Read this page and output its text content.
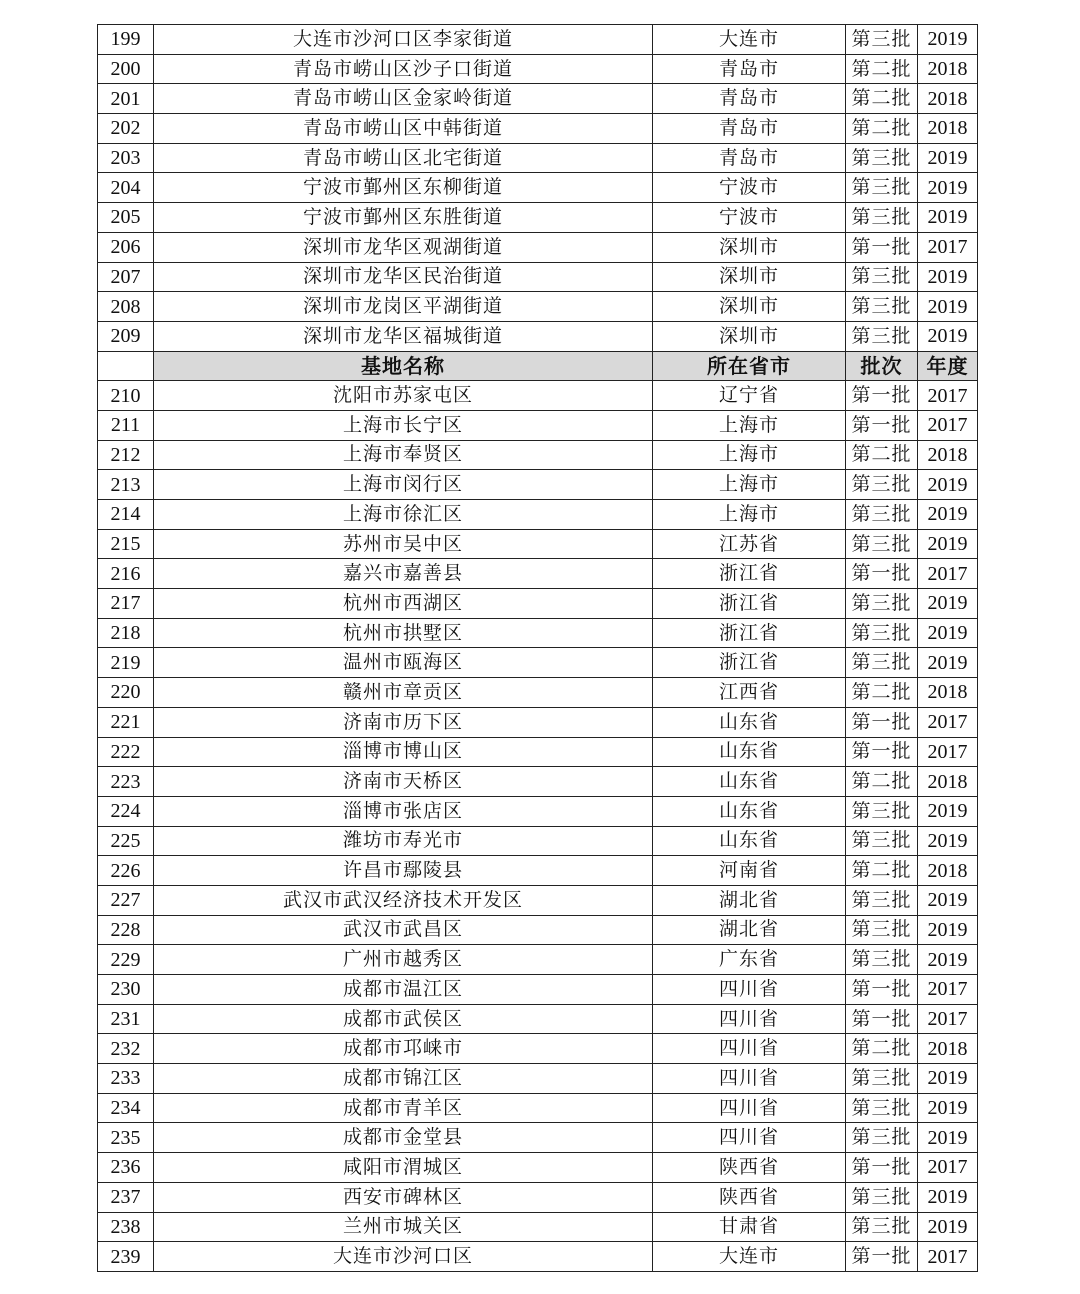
199	大连市沙河口区李家街道	大连市	第三批	2019
200	青岛市崂山区沙子口街道	青岛市	第二批	2018
201	青岛市崂山区金家岭街道	青岛市	第二批	2018
202	青岛市崂山区中韩街道	青岛市	第二批	2018
203	青岛市崂山区北宅街道	青岛市	第三批	2019
204	宁波市鄞州区东柳街道	宁波市	第三批	2019
205	宁波市鄞州区东胜街道	宁波市	第三批	2019
206	深圳市龙华区观湖街道	深圳市	第一批	2017
207	深圳市龙华区民治街道	深圳市	第三批	2019
208	深圳市龙岗区平湖街道	深圳市	第三批	2019
209	深圳市龙华区福城街道	深圳市	第三批	2019
	基地名称	所在省市	批次	年度
210	沈阳市苏家屯区	辽宁省	第一批	2017
211	上海市长宁区	上海市	第一批	2017
212	上海市奉贤区	上海市	第二批	2018
213	上海市闵行区	上海市	第三批	2019
214	上海市徐汇区	上海市	第三批	2019
215	苏州市吴中区	江苏省	第三批	2019
216	嘉兴市嘉善县	浙江省	第一批	2017
217	杭州市西湖区	浙江省	第三批	2019
218	杭州市拱墅区	浙江省	第三批	2019
219	温州市瓯海区	浙江省	第三批	2019
220	赣州市章贡区	江西省	第二批	2018
221	济南市历下区	山东省	第一批	2017
222	淄博市博山区	山东省	第一批	2017
223	济南市天桥区	山东省	第二批	2018
224	淄博市张店区	山东省	第三批	2019
225	潍坊市寿光市	山东省	第三批	2019
226	许昌市鄢陵县	河南省	第二批	2018
227	武汉市武汉经济技术开发区	湖北省	第三批	2019
228	武汉市武昌区	湖北省	第三批	2019
229	广州市越秀区	广东省	第三批	2019
230	成都市温江区	四川省	第一批	2017
231	成都市武侯区	四川省	第一批	2017
232	成都市邛崃市	四川省	第二批	2018
233	成都市锦江区	四川省	第三批	2019
234	成都市青羊区	四川省	第三批	2019
235	成都市金堂县	四川省	第三批	2019
236	咸阳市渭城区	陕西省	第一批	2017
237	西安市碑林区	陕西省	第三批	2019
238	兰州市城关区	甘肃省	第三批	2019
239	大连市沙河口区	大连市	第一批	2017
